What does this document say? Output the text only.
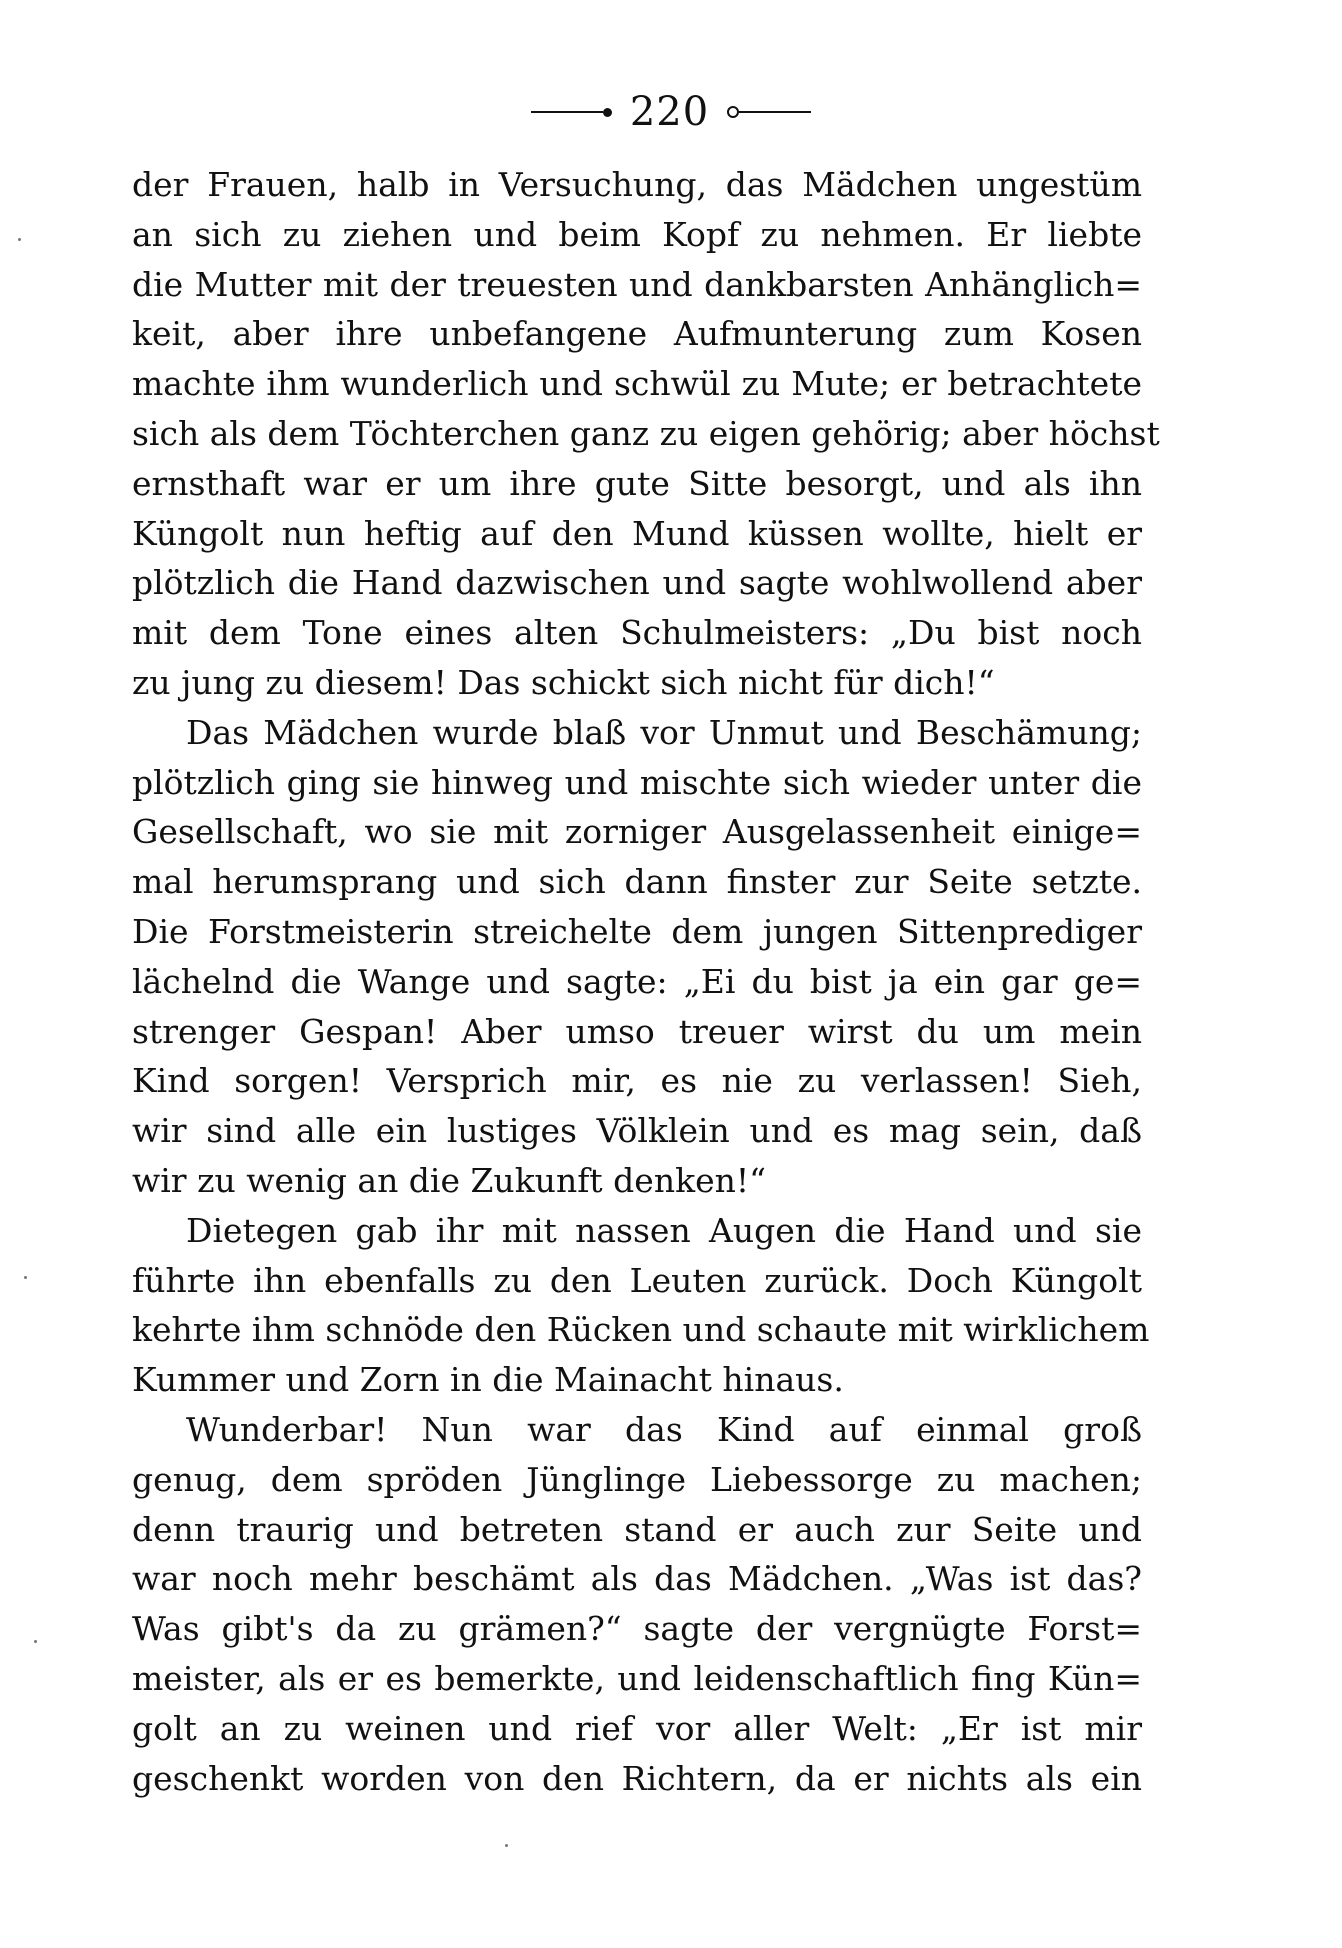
220
der Frauen, halb in Versuchung, das Mädchen ungestüm
an sich zu ziehen und beim Kopf zu nehmen. Er liebte
die Mutter mit der treuesten und dankbarsten Anhänglich=
keit, aber ihre unbefangene Aufmunterung zum Kosen
machte ihm wunderlich und schwül zu Mute; er betrachtete
sich als dem Töchterchen ganz zu eigen gehörig; aber höchst
ernsthaft war er um ihre gute Sitte besorgt, und als ihn
Küngolt nun heftig auf den Mund küssen wollte, hielt er
plötzlich die Hand dazwischen und sagte wohlwollend aber
mit dem Tone eines alten Schulmeisters: „Du bist noch
zu jung zu diesem! Das schickt sich nicht für dich!“
Das Mädchen wurde blaß vor Unmut und Beschämung;
plötzlich ging sie hinweg und mischte sich wieder unter die
Gesellschaft, wo sie mit zorniger Ausgelassenheit einige=
mal herumsprang und sich dann finster zur Seite setzte.
Die Forstmeisterin streichelte dem jungen Sittenprediger
lächelnd die Wange und sagte: „Ei du bist ja ein gar ge=
strenger Gespan! Aber umso treuer wirst du um mein
Kind sorgen! Versprich mir, es nie zu verlassen! Sieh,
wir sind alle ein lustiges Völklein und es mag sein, daß
wir zu wenig an die Zukunft denken!“
Dietegen gab ihr mit nassen Augen die Hand und sie
führte ihn ebenfalls zu den Leuten zurück. Doch Küngolt
kehrte ihm schnöde den Rücken und schaute mit wirklichem
Kummer und Zorn in die Mainacht hinaus.
Wunderbar! Nun war das Kind auf einmal groß
genug, dem spröden Jünglinge Liebessorge zu machen;
denn traurig und betreten stand er auch zur Seite und
war noch mehr beschämt als das Mädchen. „Was ist das?
Was gibt's da zu grämen?“ sagte der vergnügte Forst=
meister, als er es bemerkte, und leidenschaftlich fing Kün=
golt an zu weinen und rief vor aller Welt: „Er ist mir
geschenkt worden von den Richtern, da er nichts als ein
